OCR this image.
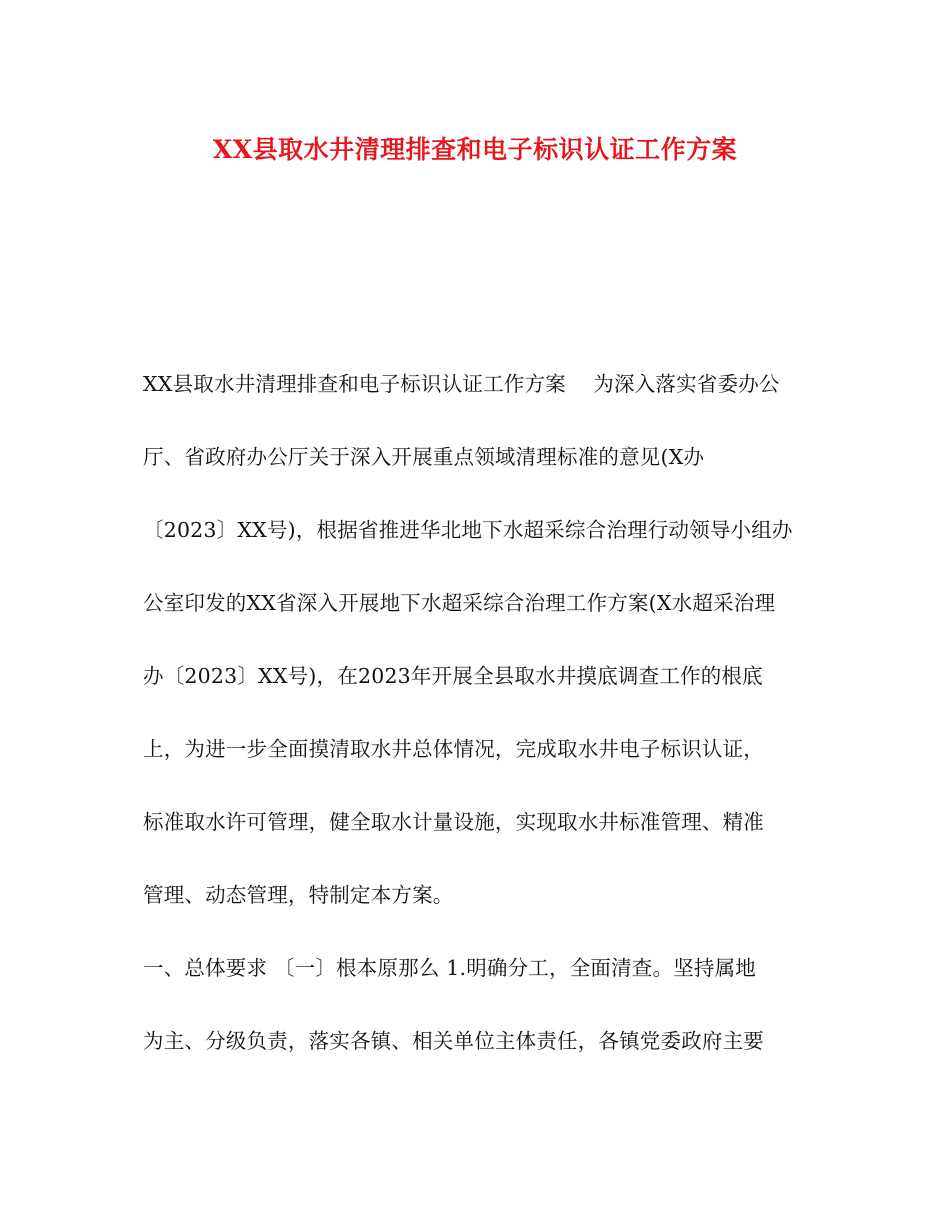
XX县取水井清理排查和电子标识认证工作方案
XX县取水井清理排查和电子标识认证工作方案　 为深入落实省委办公
厅、省政府办公厅关于深入开展重点领域清理标准的意见(X办
〔2023〕XX号)，根据省推进华北地下水超采综合治理行动领导小组办
公室印发的XX省深入开展地下水超采综合治理工作方案(X水超采治理
办〔2023〕XX号)，在2023年开展全县取水井摸底调查工作的根底
上，为进一步全面摸清取水井总体情况，完成取水井电子标识认证，
标准取水许可管理，健全取水计量设施，实现取水井标准管理、精准
管理、动态管理，特制定本方案。
一、总体要求 〔一〕根本原那么 1.明确分工，全面清查。坚持属地
为主、分级负责，落实各镇、相关单位主体责任，各镇党委政府主要
